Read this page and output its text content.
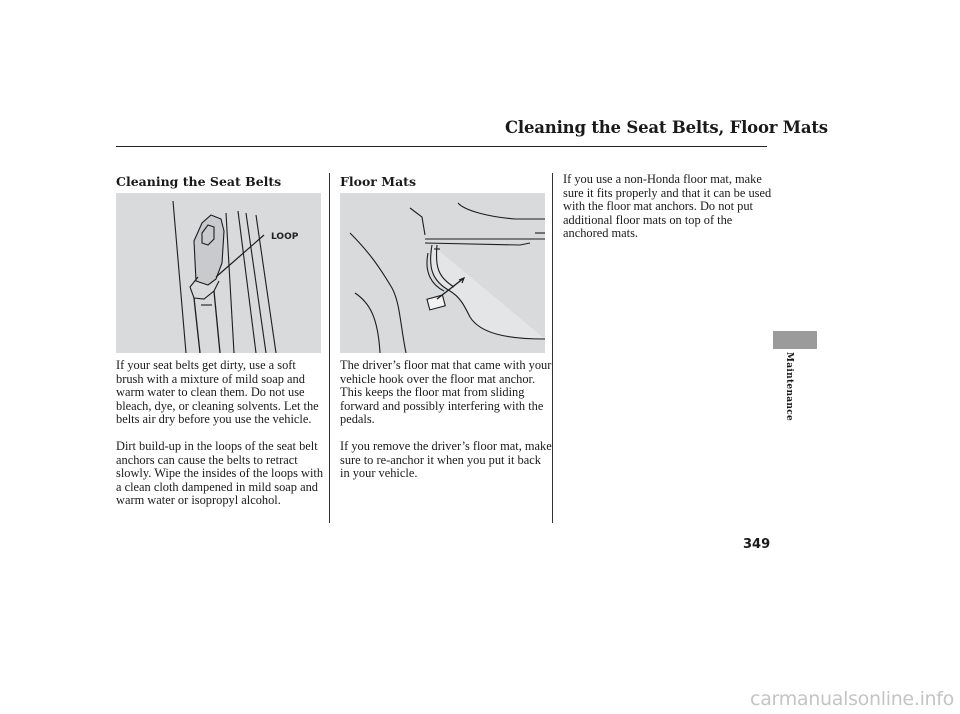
Cleaning the Seat Belts, Floor Mats
Cleaning the Seat Belts
LOOP

If your seat belts get dirty, use a soft brush with a mixture of mild soap and warm water to clean them. Do not use bleach, dye, or cleaning solvents. Let the belts air dry before you use the vehicle.

Dirt build-up in the loops of the seat belt anchors can cause the belts to retract slowly. Wipe the insides of the loops with a clean cloth dampened in mild soap and warm water or isopropyl alcohol.

Floor Mats

The driver’s floor mat that came with your vehicle hook over the floor mat anchor. This keeps the floor mat from sliding forward and possibly interfering with the pedals.

If you remove the driver’s floor mat, make sure to re-anchor it when you put it back in your vehicle.

If you use a non-Honda floor mat, make sure it fits properly and that it can be used with the floor mat anchors. Do not put additional floor mats on top of the anchored mats.

Maintenance
349
carmanualsonline.info
